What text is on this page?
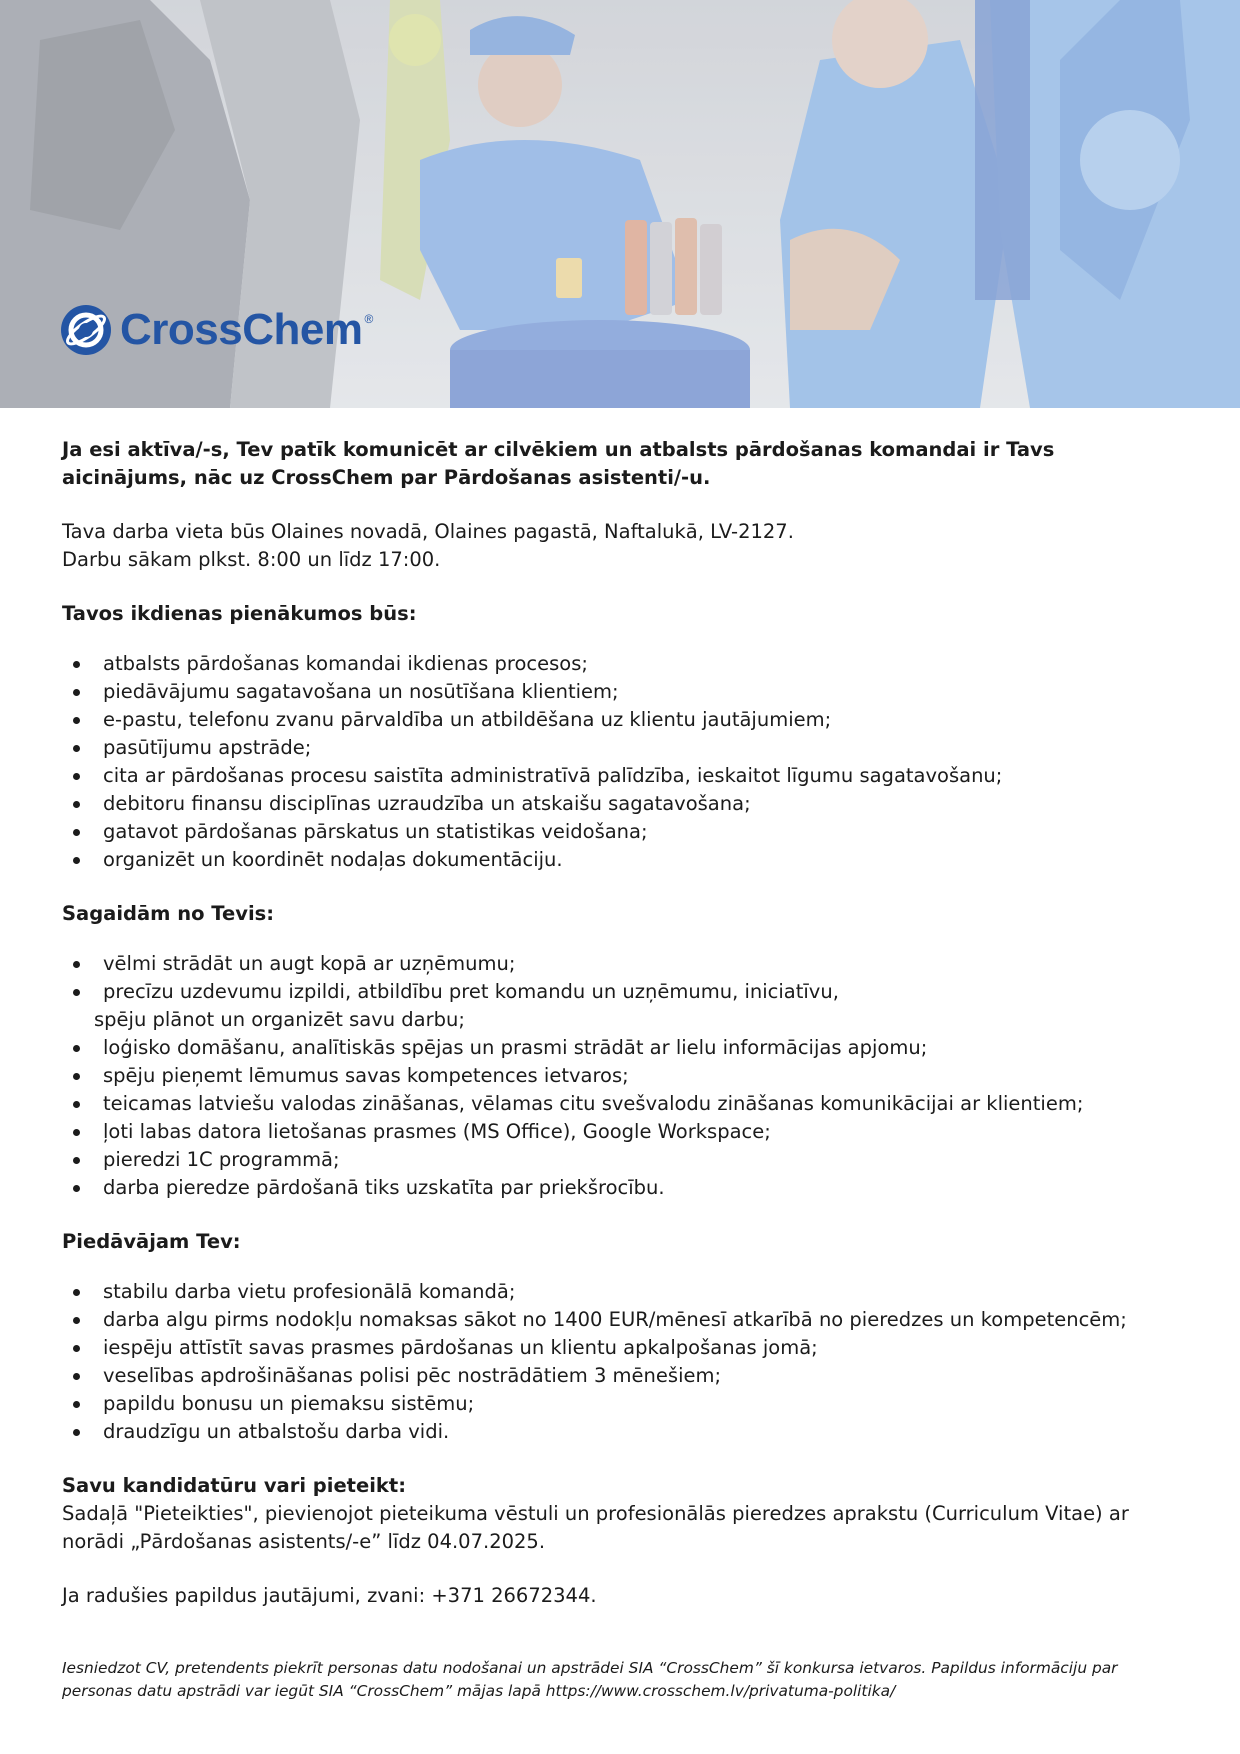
CrossChem ®

Ja esi aktīva/-s, Tev patīk komunicēt ar cilvēkiem un atbalsts pārdošanas komandai ir Tavs aicinājums, nāc uz CrossChem par Pārdošanas asistenti/-u.

Tava darba vieta būs Olaines novadā, Olaines pagastā, Naftalukā, LV-2127.

Darbu sākam plkst. 8:00 un līdz 17:00.

Tavos ikdienas pienākumos būs:
atbalsts pārdošanas komandai ikdienas procesos;
piedāvājumu sagatavošana un nosūtīšana klientiem;
e-pastu, telefonu zvanu pārvaldība un atbildēšana uz klientu jautājumiem;
pasūtījumu apstrāde;
cita ar pārdošanas procesu saistīta administratīvā palīdzība, ieskaitot līgumu sagatavošanu;
debitoru finansu disciplīnas uzraudzība un atskaišu sagatavošana;
gatavot pārdošanas pārskatus un statistikas veidošana;
organizēt un koordinēt nodaļas dokumentāciju.
Sagaidām no Tevis:
vēlmi strādāt un augt kopā ar uzņēmumu;
precīzu uzdevumu izpildi, atbildību pret komandu un uzņēmumu, iniciatīvu,

spēju plānot un organizēt savu darbu;

loģisko domāšanu, analītiskās spējas un prasmi strādāt ar lielu informācijas apjomu;
spēju pieņemt lēmumus savas kompetences ietvaros;
teicamas latviešu valodas zināšanas, vēlamas citu svešvalodu zināšanas komunikācijai ar klientiem;
ļoti labas datora lietošanas prasmes (MS Office), Google Workspace;
pieredzi 1C programmā;
darba pieredze pārdošanā tiks uzskatīta par priekšrocību.
Piedāvājam Tev:
stabilu darba vietu profesionālā komandā;
darba algu pirms nodokļu nomaksas sākot no 1400 EUR/mēnesī atkarībā no pieredzes un kompetencēm;
iespēju attīstīt savas prasmes pārdošanas un klientu apkalpošanas jomā;
veselības apdrošināšanas polisi pēc nostrādātiem 3 mēnešiem;
papildu bonusu un piemaksu sistēmu;
draudzīgu un atbalstošu darba vidi.
Savu kandidatūru vari pieteikt:

Sadaļā "Pieteikties", pievienojot pieteikuma vēstuli un profesionālās pieredzes aprakstu (Curriculum Vitae) ar norādi „Pārdošanas asistents/-e” līdz 04.07.2025.

Ja radušies papildus jautājumi, zvani: +371 26672344.

Iesniedzot CV, pretendents piekrīt personas datu nodošanai un apstrādei SIA “CrossChem” šī konkursa ietvaros. Papildus informāciju par personas datu apstrādi var iegūt SIA “CrossChem” mājas lapā https://www.crosschem.lv/privatuma-politika/
